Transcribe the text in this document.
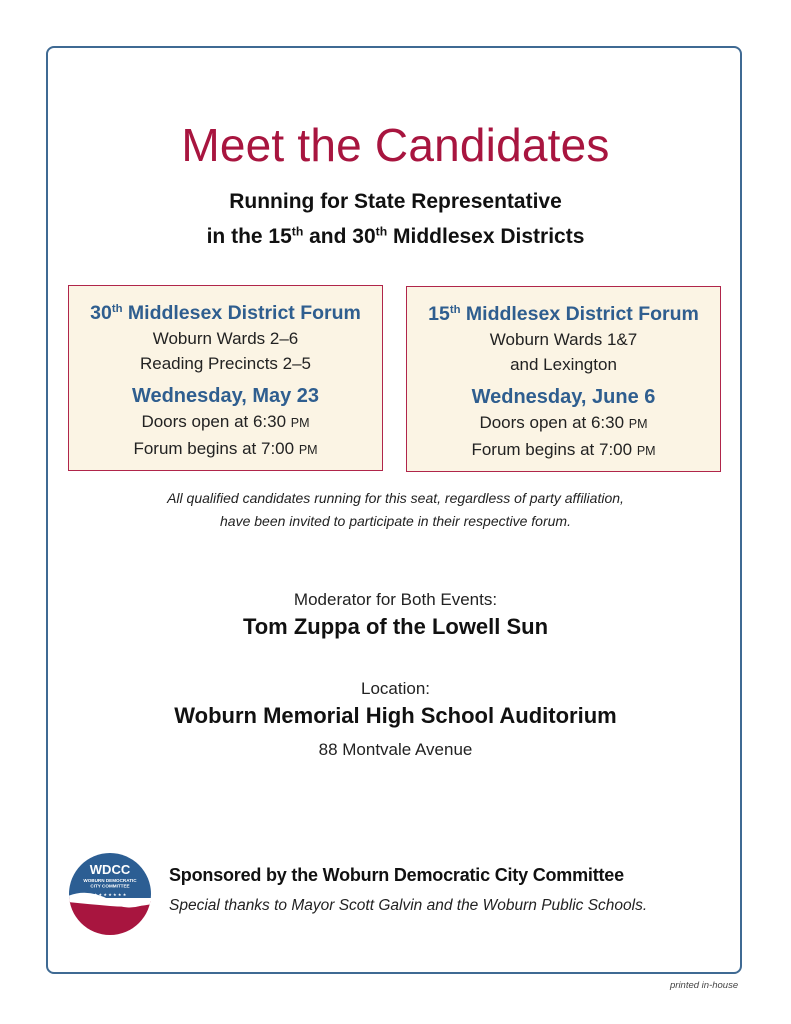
Meet the Candidates
Running for State Representative
in the 15th and 30th Middlesex Districts
30th Middlesex District Forum
Woburn Wards 2–6
Reading Precincts 2–5
Wednesday, May 23
Doors open at 6:30 PM
Forum begins at 7:00 PM
15th Middlesex District Forum
Woburn Wards 1&7
and Lexington
Wednesday, June 6
Doors open at 6:30 PM
Forum begins at 7:00 PM
All qualified candidates running for this seat, regardless of party affiliation,
have been invited to participate in their respective forum.
Moderator for Both Events:
Tom Zuppa of the Lowell Sun
Location:
Woburn Memorial High School Auditorium
88 Montvale Avenue
WDCC
WOBURN DEMOCRATIC
CITY COMMITTEE
★ ★ ★ ★ ★ ★ ★
Sponsored by the Woburn Democratic City Committee
Special thanks to Mayor Scott Galvin and the Woburn Public Schools.
printed in-house
